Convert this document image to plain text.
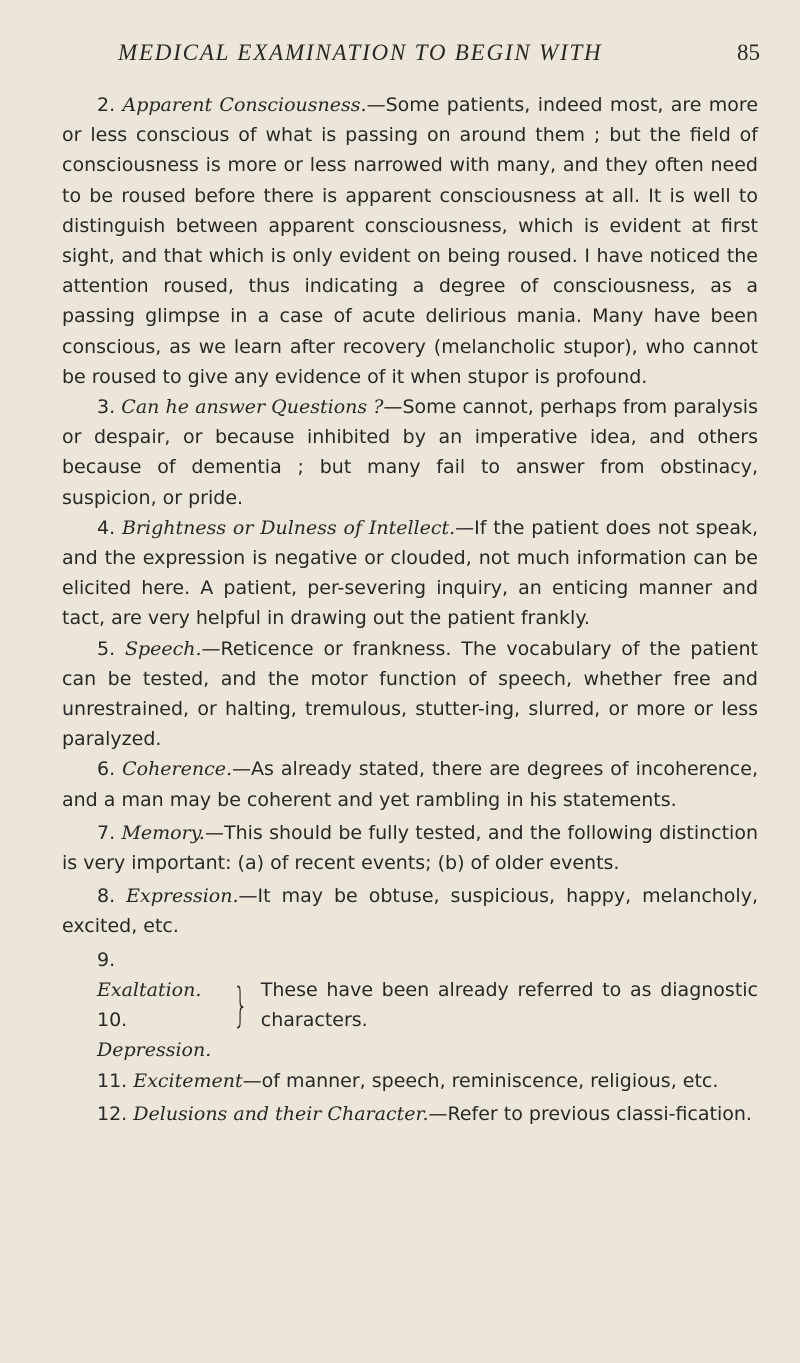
MEDICAL EXAMINATION TO BEGIN WITH	85

2. Apparent Consciousness.—Some patients, indeed most, are more or less conscious of what is passing on around them ; but the field of consciousness is more or less narrowed with many, and they often need to be roused before there is apparent consciousness at all. It is well to distinguish between apparent consciousness, which is evident at first sight, and that which is only evident on being roused. I have noticed the attention roused, thus indicating a degree of consciousness, as a passing glimpse in a case of acute delirious mania. Many have been conscious, as we learn after recovery (melancholic stupor), who cannot be roused to give any evidence of it when stupor is profound.

3. Can he answer Questions ?—Some cannot, perhaps from paralysis or despair, or because inhibited by an imperative idea, and others because of dementia ; but many fail to answer from obstinacy, suspicion, or pride.

4. Brightness or Dulness of Intellect.—If the patient does not speak, and the expression is negative or clouded, not much information can be elicited here. A patient, per-severing inquiry, an enticing manner and tact, are very helpful in drawing out the patient frankly.

5. Speech.—Reticence or frankness. The vocabulary of the patient can be tested, and the motor function of speech, whether free and unrestrained, or halting, tremulous, stutter-ing, slurred, or more or less paralyzed.

6. Coherence.—As already stated, there are degrees of incoherence, and a man may be coherent and yet rambling in his statements.

7. Memory.—This should be fully tested, and the following distinction is very important: (a) of recent events; (b) of older events.

8. Expression.—It may be obtuse, suspicious, happy, melancholy, excited, etc.

9. Exaltation.
10. Depression.
} These have been already referred to as diagnostic characters.

11. Excitement—of manner, speech, reminiscence, religious, etc.

12. Delusions and their Character.—Refer to previous classi-fication.
